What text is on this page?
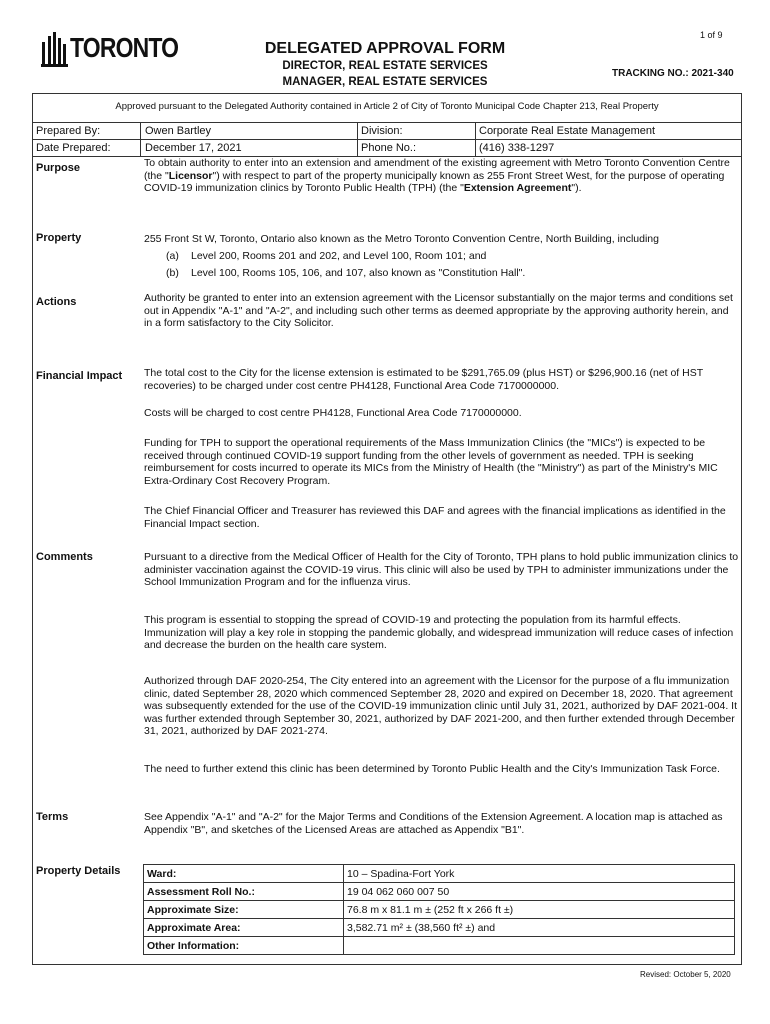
1 of 9
TORONTO	DELEGATED APPROVAL FORM
DIRECTOR, REAL ESTATE SERVICES
MANAGER, REAL ESTATE SERVICES
TRACKING NO.: 2021-340
Approved pursuant to the Delegated Authority contained in Article 2 of City of Toronto Municipal Code Chapter 213, Real Property
Prepared By:	Owen Bartley	Division:	Corporate Real Estate Management
Date Prepared:	December 17, 2021	Phone No.:	(416) 338-1297
Purpose	To obtain authority to enter into an extension and amendment of the existing agreement with Metro Toronto Convention Centre (the "Licensor") with respect to part of the property municipally known as 255 Front Street West, for the purpose of operating COVID-19 immunization clinics by Toronto Public Health (TPH) (the "Extension Agreement").
Property	255 Front St W, Toronto, Ontario also known as the Metro Toronto Convention Centre, North Building, including
(a) Level 200, Rooms 201 and 202, and Level 100, Room 101; and
(b) Level 100, Rooms 105, 106, and 107, also known as "Constitution Hall".
Actions	Authority be granted to enter into an extension agreement with the Licensor substantially on the major terms and conditions set out in Appendix "A-1" and "A-2", and including such other terms as deemed appropriate by the approving authority herein, and in a form satisfactory to the City Solicitor.
Financial Impact The total cost to the City for the license extension is estimated to be $291,765.09 (plus HST) or $296,900.16 (net of HST recoveries) to be charged under cost centre PH4128, Functional Area Code 7170000000.
Costs will be charged to cost centre PH4128, Functional Area Code 7170000000.
Funding for TPH to support the operational requirements of the Mass Immunization Clinics (the "MICs") is expected to be received through continued COVID-19 support funding from the other levels of government as needed. TPH is seeking reimbursement for costs incurred to operate its MICs from the Ministry of Health (the "Ministry") as part of the Ministry's MIC Extra-Ordinary Cost Recovery Program.
The Chief Financial Officer and Treasurer has reviewed this DAF and agrees with the financial implications as identified in the Financial Impact section.
Comments	Pursuant to a directive from the Medical Officer of Health for the City of Toronto, TPH plans to hold public immunization clinics to administer vaccination against the COVID-19 virus. This clinic will also be used by TPH to administer immunizations under the School Immunization Program and for the influenza virus.
This program is essential to stopping the spread of COVID-19 and protecting the population from its harmful effects. Immunization will play a key role in stopping the pandemic globally, and widespread immunization will reduce cases of infection and decrease the burden on the health care system.
Authorized through DAF 2020-254, The City entered into an agreement with the Licensor for the purpose of a flu immunization clinic, dated September 28, 2020 which commenced September 28, 2020 and expired on December 18, 2020. That agreement was subsequently extended for the use of the COVID-19 immunization clinic until July 31, 2021, authorized by DAF 2021-004. It was further extended through September 30, 2021, authorized by DAF 2021-200, and then further extended through December 31, 2021, authorized by DAF 2021-274.
The need to further extend this clinic has been determined by Toronto Public Health and the City's Immunization Task Force.
Terms	See Appendix "A-1" and "A-2" for the Major Terms and Conditions of the Extension Agreement. A location map is attached as Appendix "B", and sketches of the Licensed Areas are attached as Appendix "B1".
Property Details	Ward:	10 – Spadina-Fort York
Assessment Roll No.:	19 04 062 060 007 50
Approximate Size:	76.8 m x 81.1 m ± (252 ft x 266 ft ±)
Approximate Area:	3,582.71 m² ± (38,560 ft² ±) and
Other Information:	
Revised: October 5, 2020
